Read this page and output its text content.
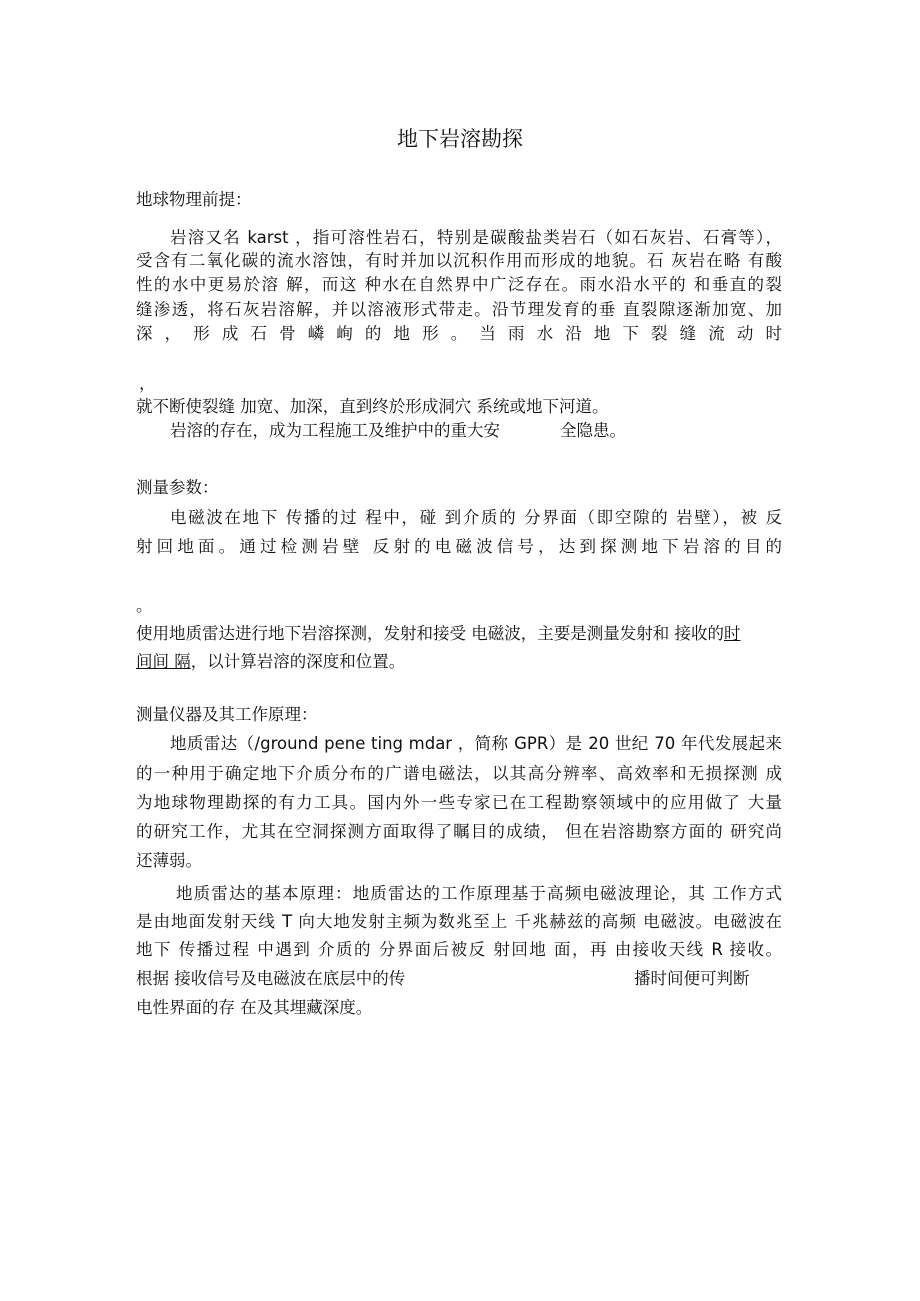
地下岩溶勘探
地球物理前提：
岩溶又名 karst ，指可溶性岩石，特别是碳酸盐类岩石（如石灰岩、石膏等），
受含有二氧化碳的流水溶蚀，有时并加以沉积作用而形成的地貌。石 灰岩在略 有酸
性的水中更易於溶 解，而这 种水在自然界中广泛存在。雨水沿水平的 和垂直的裂
缝渗透，将石灰岩溶解，并以溶液形式带走。沿节理发育的垂 直裂隙逐渐加宽、加
深 ， 形 成 石 骨 嶙 峋 的 地 形 。 当 雨 水 沿 地 下 裂 缝 流 动 时
，
就不断使裂缝 加宽、加深，直到终於形成洞穴 系统或地下河道。
岩溶的存在，成为工程施工及维护中的重大安	全隐患。
测量参数：
电磁波在地下 传播的过 程中，碰 到介质的 分界面（即空隙的 岩壁），被 反
射回地面。通过检测岩壁 反射的电磁波信号，达到探测地下岩溶的目的
。
使用地质雷达进行地下岩溶探测，发射和接受 电磁波，主要是测量发射和 接收的时
间间 隔，以计算岩溶的深度和位置。
测量仪器及其工作原理：
地质雷达（/ground pene ting mdar ，简称 GPR）是 20 世纪 70 年代发展起来
的一种用于确定地下介质分布的广谱电磁法，以其高分辨率、高效率和无损探测 成
为地球物理勘探的有力工具。国内外一些专家已在工程勘察领域中的应用做了 大量
的研究工作，尤其在空洞探测方面取得了瞩目的成绩， 但在岩溶勘察方面的 研究尚
还薄弱。
地质雷达的基本原理：地质雷达的工作原理基于高频电磁波理论，其 工作方式
是由地面发射天线 T 向大地发射主频为数兆至上 千兆赫兹的高频 电磁波。电磁波在
地下 传播过程 中遇到 介质的 分界面后被反 射回地 面，再 由接收天线 R 接收。
根据 接收信号及电磁波在底层中的传	播时间便可判断
电性界面的存 在及其埋藏深度。
